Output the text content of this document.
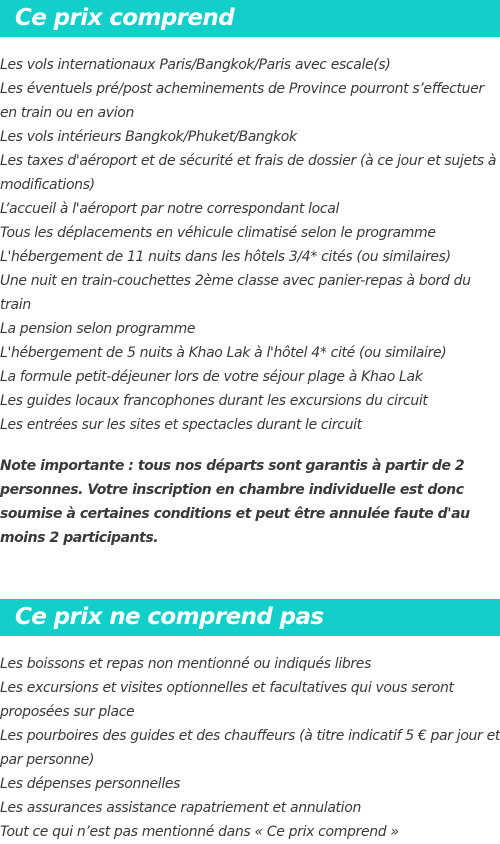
Ce prix comprend
Les vols internationaux Paris/Bangkok/Paris avec escale(s)
Les éventuels pré/post acheminements de Province pourront s’effectuer en train ou en avion
Les vols intérieurs Bangkok/Phuket/Bangkok
Les taxes d'aéroport et de sécurité et frais de dossier (à ce jour et sujets à modifications)
L’accueil à l'aéroport par notre correspondant local
Tous les déplacements en véhicule climatisé selon le programme
L'hébergement de 11 nuits dans les hôtels 3/4* cités (ou similaires)
Une nuit en train-couchettes 2ème classe avec panier-repas à bord du train
La pension selon programme
L'hébergement de 5 nuits à Khao Lak à l'hôtel 4* cité (ou similaire)
La formule petit-déjeuner lors de votre séjour plage à Khao Lak
Les guides locaux francophones durant les excursions du circuit
Les entrées sur les sites et spectacles durant le circuit

Note importante : tous nos départs sont garantis à partir de 2 personnes. Votre inscription en chambre individuelle est donc soumise à certaines conditions et peut être annulée faute d'au moins 2 participants.

Ce prix ne comprend pas
Les boissons et repas non mentionné ou indiqués libres
Les excursions et visites optionnelles et facultatives qui vous seront proposées sur place
Les pourboires des guides et des chauffeurs (à titre indicatif 5 € par jour et par personne)
Les dépenses personnelles
Les assurances assistance rapatriement et annulation
Tout ce qui n’est pas mentionné dans « Ce prix comprend »
